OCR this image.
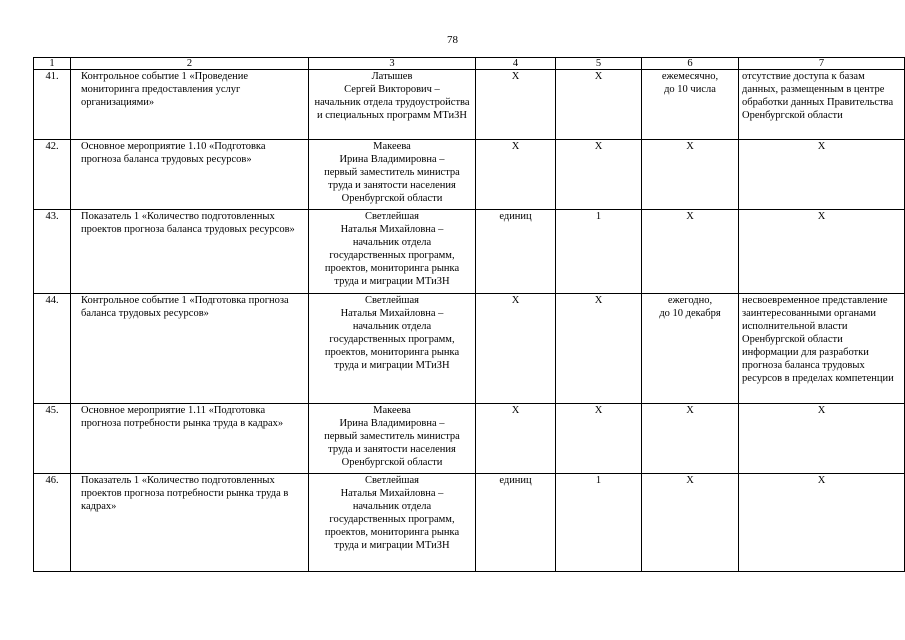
78
1	2	3	4	5	6	7
41.	Контрольное событие 1 «Проведение мониторинга предоставления услуг организациями»	Латышев
Сергей Викторович –
начальник отдела трудоустройства и специальных программ МТиЗН	Х	Х	ежемесячно,
до 10 числа	отсутствие доступа к базам данных, размещенным в центре обработки данных Правительства Оренбургской области
42.	Основное мероприятие 1.10 «Подготовка прогноза баланса трудовых ресурсов»	Макеева
Ирина Владимировна –
первый заместитель министра труда и занятости населения Оренбургской области	Х	Х	Х	Х
43.	Показатель 1 «Количество подготовленных проектов прогноза баланса трудовых ресурсов»	Светлейшая
Наталья Михайловна –
начальник отдела
государственных программ, проектов, мониторинга рынка труда и миграции МТиЗН	единиц	1	Х	Х
44.	Контрольное событие 1 «Подготовка прогноза баланса трудовых ресурсов»	Светлейшая
Наталья Михайловна –
начальник отдела
государственных программ, проектов, мониторинга рынка труда и миграции МТиЗН	Х	Х	ежегодно,
до 10 декабря	несвоевременное представление заинтересованными органами исполнительной власти Оренбургской области информации для разработки прогноза баланса трудовых ресурсов в пределах компетенции
45.	Основное мероприятие 1.11 «Подготовка прогноза потребности рынка труда в кадрах»	Макеева
Ирина Владимировна –
первый заместитель министра труда и занятости населения Оренбургской области	Х	Х	Х	Х
46.	Показатель 1 «Количество подготовленных проектов прогноза потребности рынка труда в кадрах»	Светлейшая
Наталья Михайловна –
начальник отдела
государственных программ, проектов, мониторинга рынка труда и миграции МТиЗН	единиц	1	Х	Х
